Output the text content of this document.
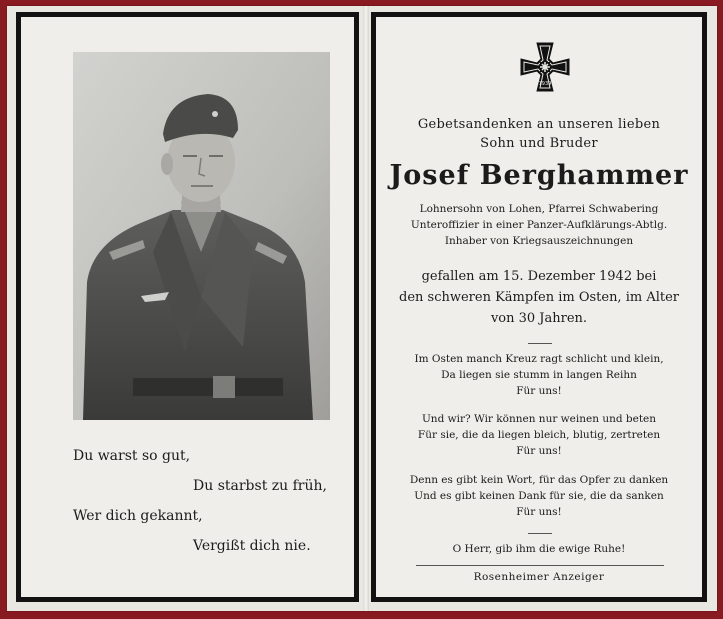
Du warst so gut,
Du starbst zu früh,
Wer dich gekannt,
Vergißt dich nie.
1939
Gebetsandenken an unseren lieben
Sohn und Bruder
Josef Berghammer
Lohnersohn von Lohen, Pfarrei Schwabering
Unteroffizier in einer Panzer-Aufklärungs-Abtlg.
Inhaber von Kriegsauszeichnungen
gefallen am 15. Dezember 1942 bei
den schweren Kämpfen im Osten, im Alter
von 30 Jahren.
Im Osten manch Kreuz ragt schlicht und klein,
Da liegen sie stumm in langen Reihn
Für uns!
Und wir? Wir können nur weinen und beten
Für sie, die da liegen bleich, blutig, zertreten
Für uns!
Denn es gibt kein Wort, für das Opfer zu danken
Und es gibt keinen Dank für sie, die da sanken
Für uns!
O Herr, gib ihm die ewige Ruhe!
Rosenheimer Anzeiger
